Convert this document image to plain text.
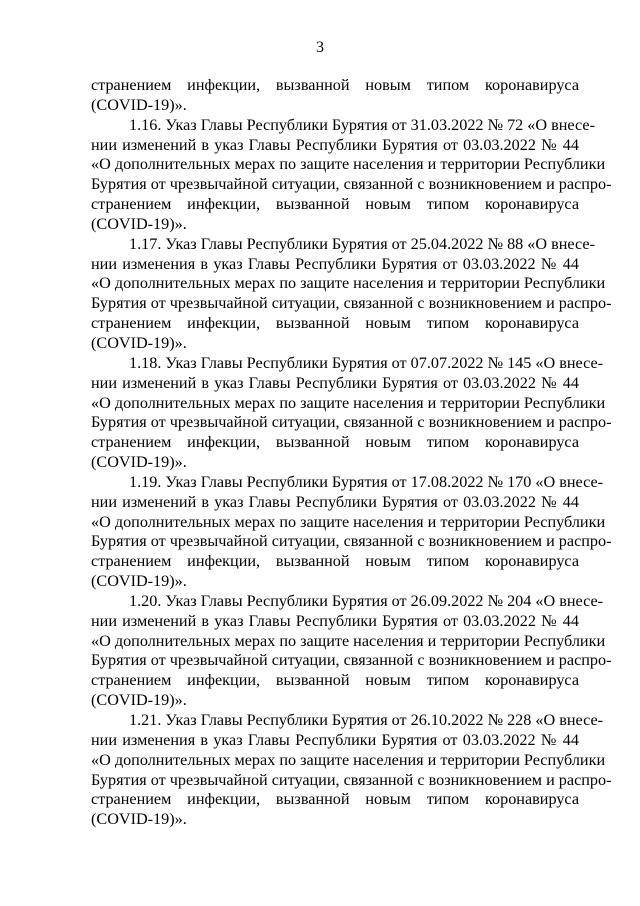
3
странением инфекции, вызванной новым типом коронавируса
(COVID-19)».
1.16. Указ Главы Республики Бурятия от 31.03.2022 № 72 «О внесе-
нии изменений в указ Главы Республики Бурятия от 03.03.2022 № 44
«О дополнительных мерах по защите населения и территории Республики
Бурятия от чрезвычайной ситуации, связанной с возникновением и распро-
странением инфекции, вызванной новым типом коронавируса
(COVID-19)».
1.17. Указ Главы Республики Бурятия от 25.04.2022 № 88 «О внесе-
нии изменения в указ Главы Республики Бурятия от 03.03.2022 № 44
«О дополнительных мерах по защите населения и территории Республики
Бурятия от чрезвычайной ситуации, связанной с возникновением и распро-
странением инфекции, вызванной новым типом коронавируса
(COVID-19)».
1.18. Указ Главы Республики Бурятия от 07.07.2022 № 145 «О внесе-
нии изменений в указ Главы Республики Бурятия от 03.03.2022 № 44
«О дополнительных мерах по защите населения и территории Республики
Бурятия от чрезвычайной ситуации, связанной с возникновением и распро-
странением инфекции, вызванной новым типом коронавируса
(COVID-19)».
1.19. Указ Главы Республики Бурятия от 17.08.2022 № 170 «О внесе-
нии изменений в указ Главы Республики Бурятия от 03.03.2022 № 44
«О дополнительных мерах по защите населения и территории Республики
Бурятия от чрезвычайной ситуации, связанной с возникновением и распро-
странением инфекции, вызванной новым типом коронавируса
(COVID-19)».
1.20. Указ Главы Республики Бурятия от 26.09.2022 № 204 «О внесе-
нии изменений в указ Главы Республики Бурятия от 03.03.2022 № 44
«О дополнительных мерах по защите населения и территории Республики
Бурятия от чрезвычайной ситуации, связанной с возникновением и распро-
странением инфекции, вызванной новым типом коронавируса
(COVID-19)».
1.21. Указ Главы Республики Бурятия от 26.10.2022 № 228 «О внесе-
нии изменения в указ Главы Республики Бурятия от 03.03.2022 № 44
«О дополнительных мерах по защите населения и территории Республики
Бурятия от чрезвычайной ситуации, связанной с возникновением и распро-
странением инфекции, вызванной новым типом коронавируса
(COVID-19)».
